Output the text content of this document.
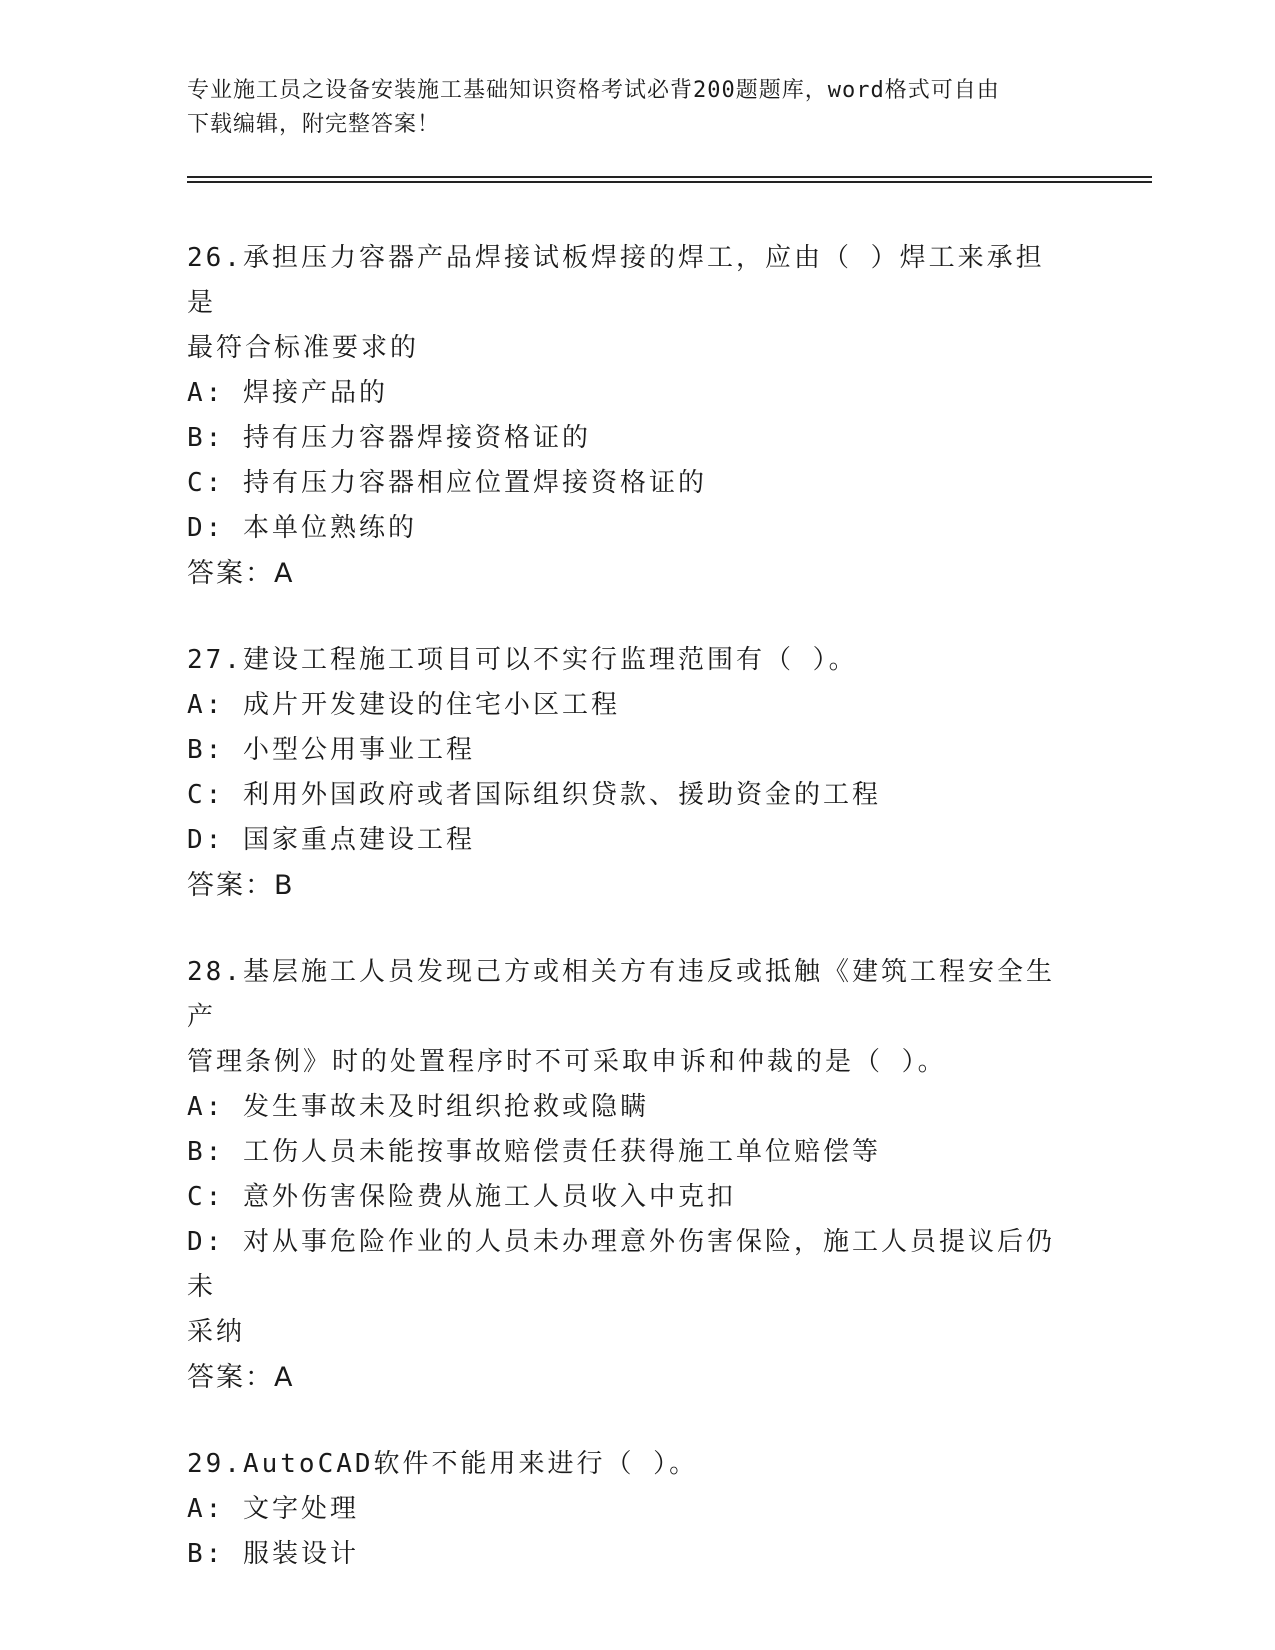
专业施工员之设备安装施工基础知识资格考试必背200题题库，word格式可自由
下载编辑，附完整答案！
26.承担压力容器产品焊接试板焊接的焊工，应由（ ）焊工来承担是
最符合标准要求的
A: 焊接产品的
B: 持有压力容器焊接资格证的
C: 持有压力容器相应位置焊接资格证的
D: 本单位熟练的
答案：A
27.建设工程施工项目可以不实行监理范围有（ ）。
A: 成片开发建设的住宅小区工程
B: 小型公用事业工程
C: 利用外国政府或者国际组织贷款、援助资金的工程
D: 国家重点建设工程
答案：B
28.基层施工人员发现己方或相关方有违反或抵触《建筑工程安全生产
管理条例》时的处置程序时不可采取申诉和仲裁的是（ ）。
A: 发生事故未及时组织抢救或隐瞒
B: 工伤人员未能按事故赔偿责任获得施工单位赔偿等
C: 意外伤害保险费从施工人员收入中克扣
D: 对从事危险作业的人员未办理意外伤害保险，施工人员提议后仍未
采纳
答案：A
29.AutoCAD软件不能用来进行（ ）。
A: 文字处理
B: 服装设计
